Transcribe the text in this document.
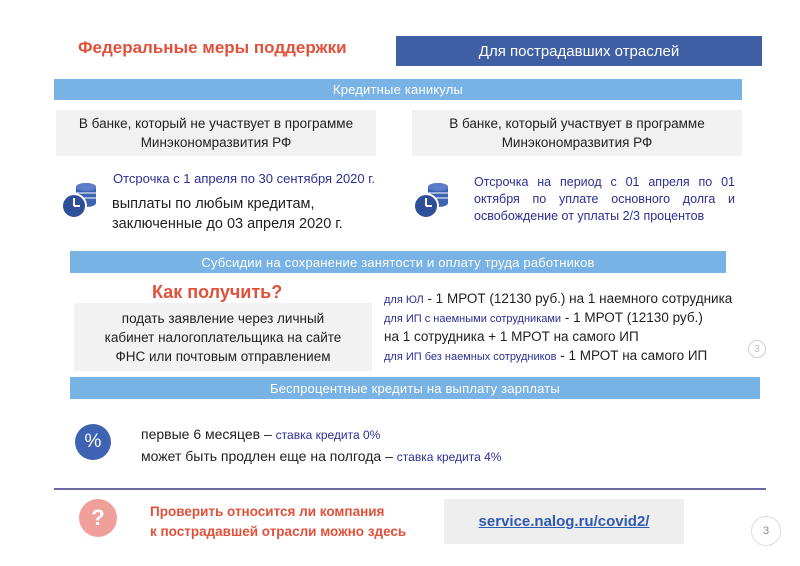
Федеральные меры поддержки	Для пострадавших отраслей
Кредитные каникулы
В банке, который не участвует в программе
Минэкономразвития РФ
В банке, который участвует в программе
Минэкономразвития РФ
Отсрочка с 1 апреля по 30 сентября 2020 г.
выплаты по любым кредитам,
заключенные до 03 апреля 2020 г.
Отсрочка на период с 01 апреля по 01 октября по уплате основного долга и освобождение от уплаты 2/3 процентов
Субсидии на сохранение занятости и оплату труда работников
Как получить?
подать заявление через личный
кабинет налогоплательщика на сайте
ФНС или почтовым отправлением
для ЮЛ - 1 МРОТ (12130 руб.) на 1 наемного сотрудника
для ИП с наемными сотрудниками - 1 МРОТ (12130 руб.)
на 1 сотрудника + 1 МРОТ на самого ИП
для ИП без наемных сотрудников - 1 МРОТ на самого ИП	3
Беспроцентные кредиты на выплату зарплаты
%	первые 6 месяцев – ставка кредита 0%
может быть продлен еще на полгода – ставка кредита 4%
?	Проверить относится ли компания
к пострадавшей отрасли можно здесь
service.nalog.ru/covid2/
3
